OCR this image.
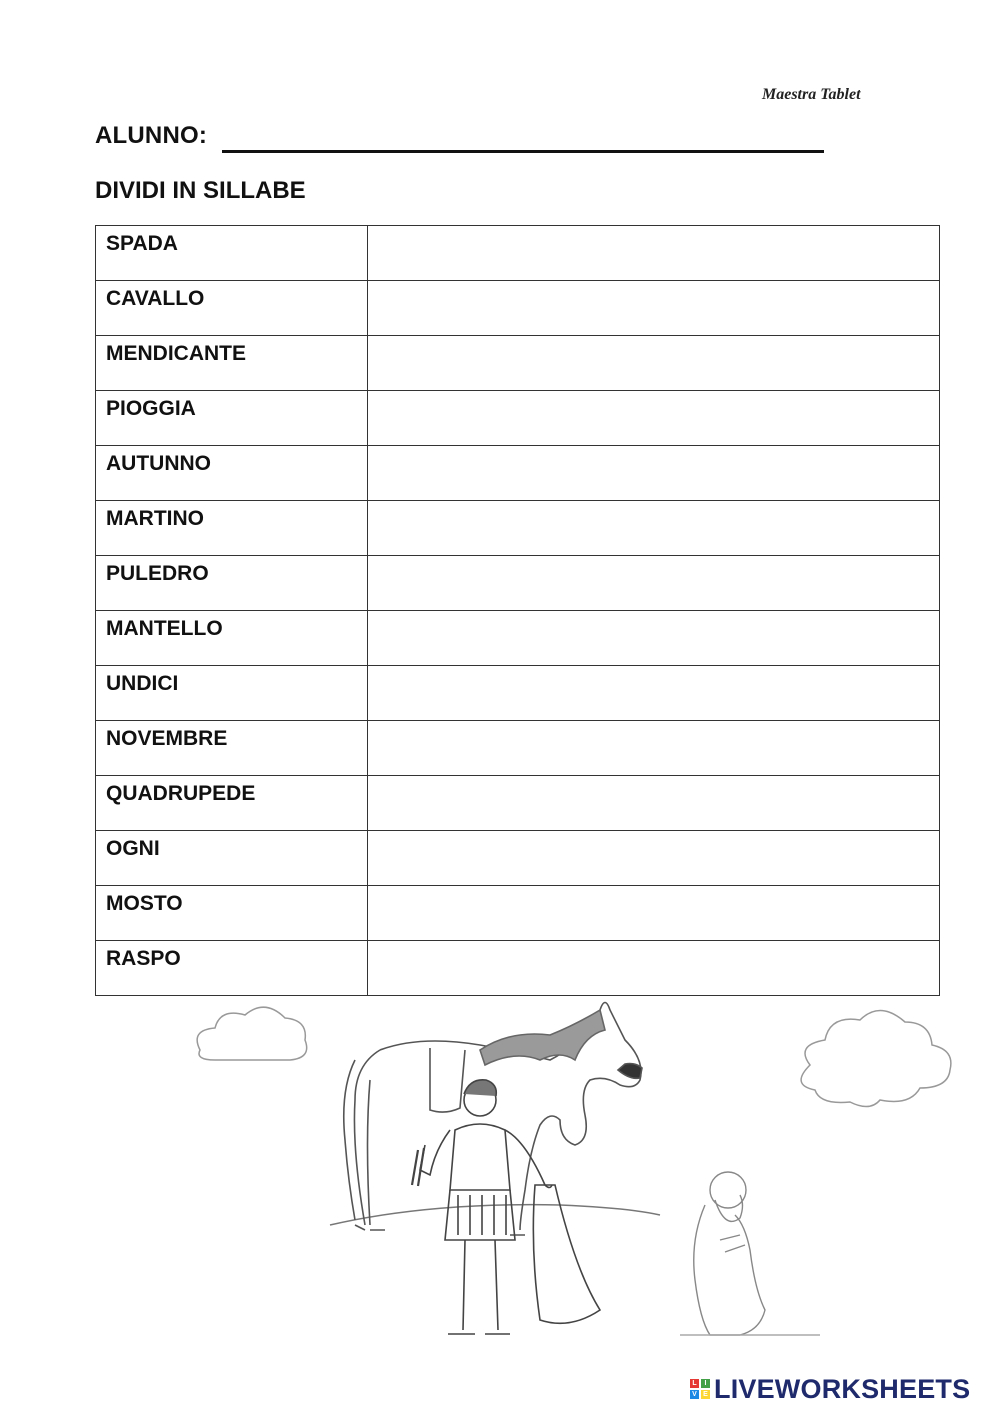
Maestra Tablet
ALUNNO:
DIVIDI IN SILLABE
SPADA	
CAVALLO	
MENDICANTE	
PIOGGIA	
AUTUNNO	
MARTINO	
PULEDRO	
MANTELLO	
UNDICI	
NOVEMBRE	
QUADRUPEDE	
OGNI	
MOSTO	
RASPO	
L	I
V E LIVEWORKSHEETS
